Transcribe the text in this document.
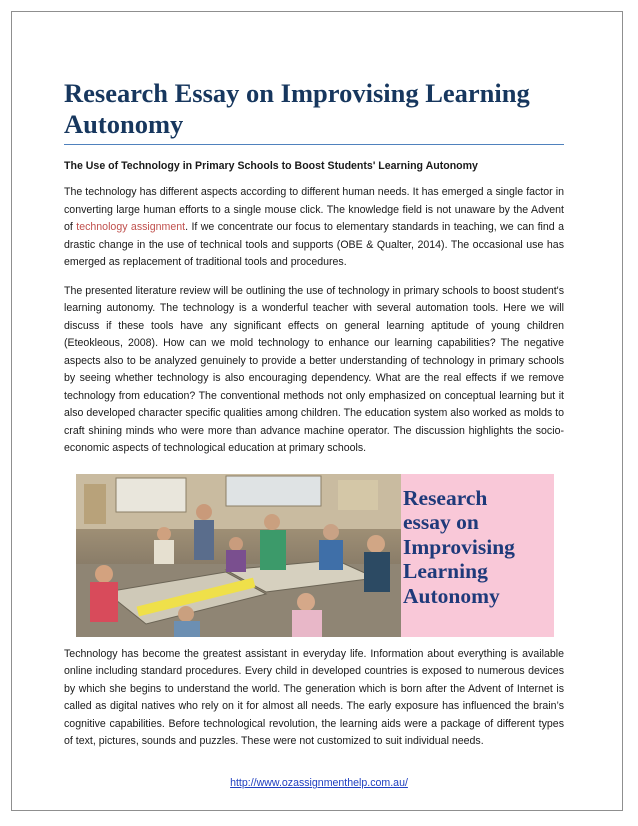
Research Essay on Improvising Learning Autonomy
The Use of Technology in Primary Schools to Boost Students' Learning Autonomy

The technology has different aspects according to different human needs. It has emerged a single factor in converting large human efforts to a single mouse click. The knowledge field is not unaware by the Advent of technology assignment. If we concentrate our focus to elementary standards in teaching, we can find a drastic change in the use of technical tools and supports (OBE & Qualter, 2014). The occasional use has emerged as replacement of traditional tools and procedures.

The presented literature review will be outlining the use of technology in primary schools to boost student's learning autonomy. The technology is a wonderful teacher with several automation tools. Here we will discuss if these tools have any significant effects on general learning aptitude of young children (Eteokleous, 2008). How can we mold technology to enhance our learning capabilities? The negative aspects also to be analyzed genuinely to provide a better understanding of technology in primary schools by seeing whether technology is also encouraging dependency. What are the real effects if we remove technology from education? The conventional methods not only emphasized on conceptual learning but it also developed character specific qualities among children. The education system also worked as molds to craft shining minds who were more than advance machine operator. The discussion highlights the socio-economic aspects of technological education at primary schools.

Research
essay on
Improvising
Learning
Autonomy

Technology has become the greatest assistant in everyday life. Information about everything is available online including standard procedures. Every child in developed countries is exposed to numerous devices by which she begins to understand the world. The generation which is born after the Advent of Internet is called as digital natives who rely on it for almost all needs. The early exposure has influenced the brain’s cognitive capabilities. Before technological revolution, the learning aids were a package of different types of text, pictures, sounds and puzzles. These were not customized to suit individual needs.

http://www.ozassignmenthelp.com.au/
